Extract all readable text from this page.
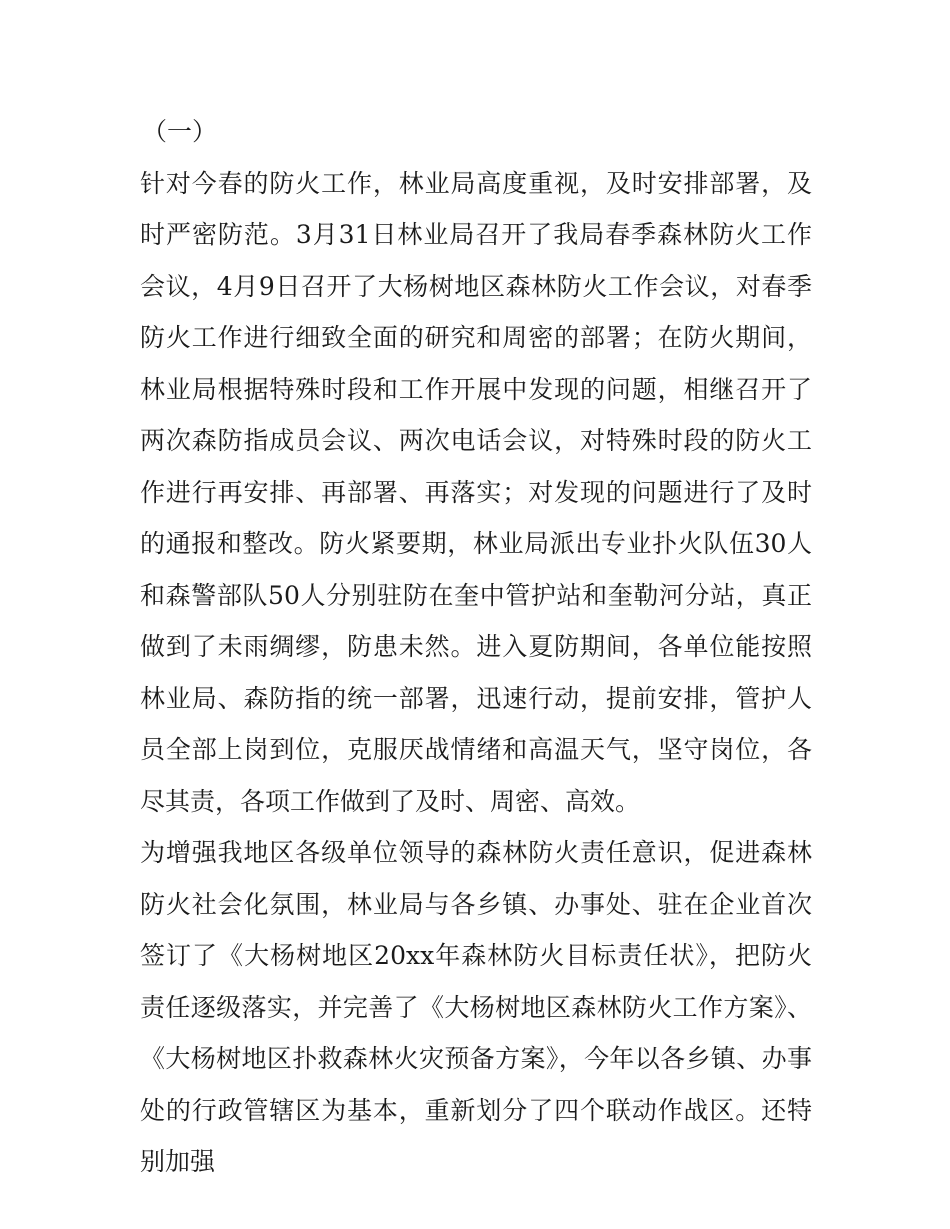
（一）

针对今春的防火工作，林业局高度重视，及时安排部署，及时严密防范。3月31日林业局召开了我局春季森林防火工作会议，4月9日召开了大杨树地区森林防火工作会议，对春季防火工作进行细致全面的研究和周密的部署；在防火期间，林业局根据特殊时段和工作开展中发现的问题，相继召开了两次森防指成员会议、两次电话会议，对特殊时段的防火工作进行再安排、再部署、再落实；对发现的问题进行了及时的通报和整改。防火紧要期，林业局派出专业扑火队伍30人和森警部队50人分别驻防在奎中管护站和奎勒河分站，真正做到了未雨绸缪，防患未然。进入夏防期间，各单位能按照林业局、森防指的统一部署，迅速行动，提前安排，管护人员全部上岗到位，克服厌战情绪和高温天气，坚守岗位，各尽其责，各项工作做到了及时、周密、高效。

为增强我地区各级单位领导的森林防火责任意识，促进森林防火社会化氛围，林业局与各乡镇、办事处、驻在企业首次签订了《大杨树地区20xx年森林防火目标责任状》，把防火责任逐级落实，并完善了《大杨树地区森林防火工作方案》、《大杨树地区扑救森林火灾预备方案》，今年以各乡镇、办事处的行政管辖区为基本，重新划分了四个联动作战区。还特别加强
